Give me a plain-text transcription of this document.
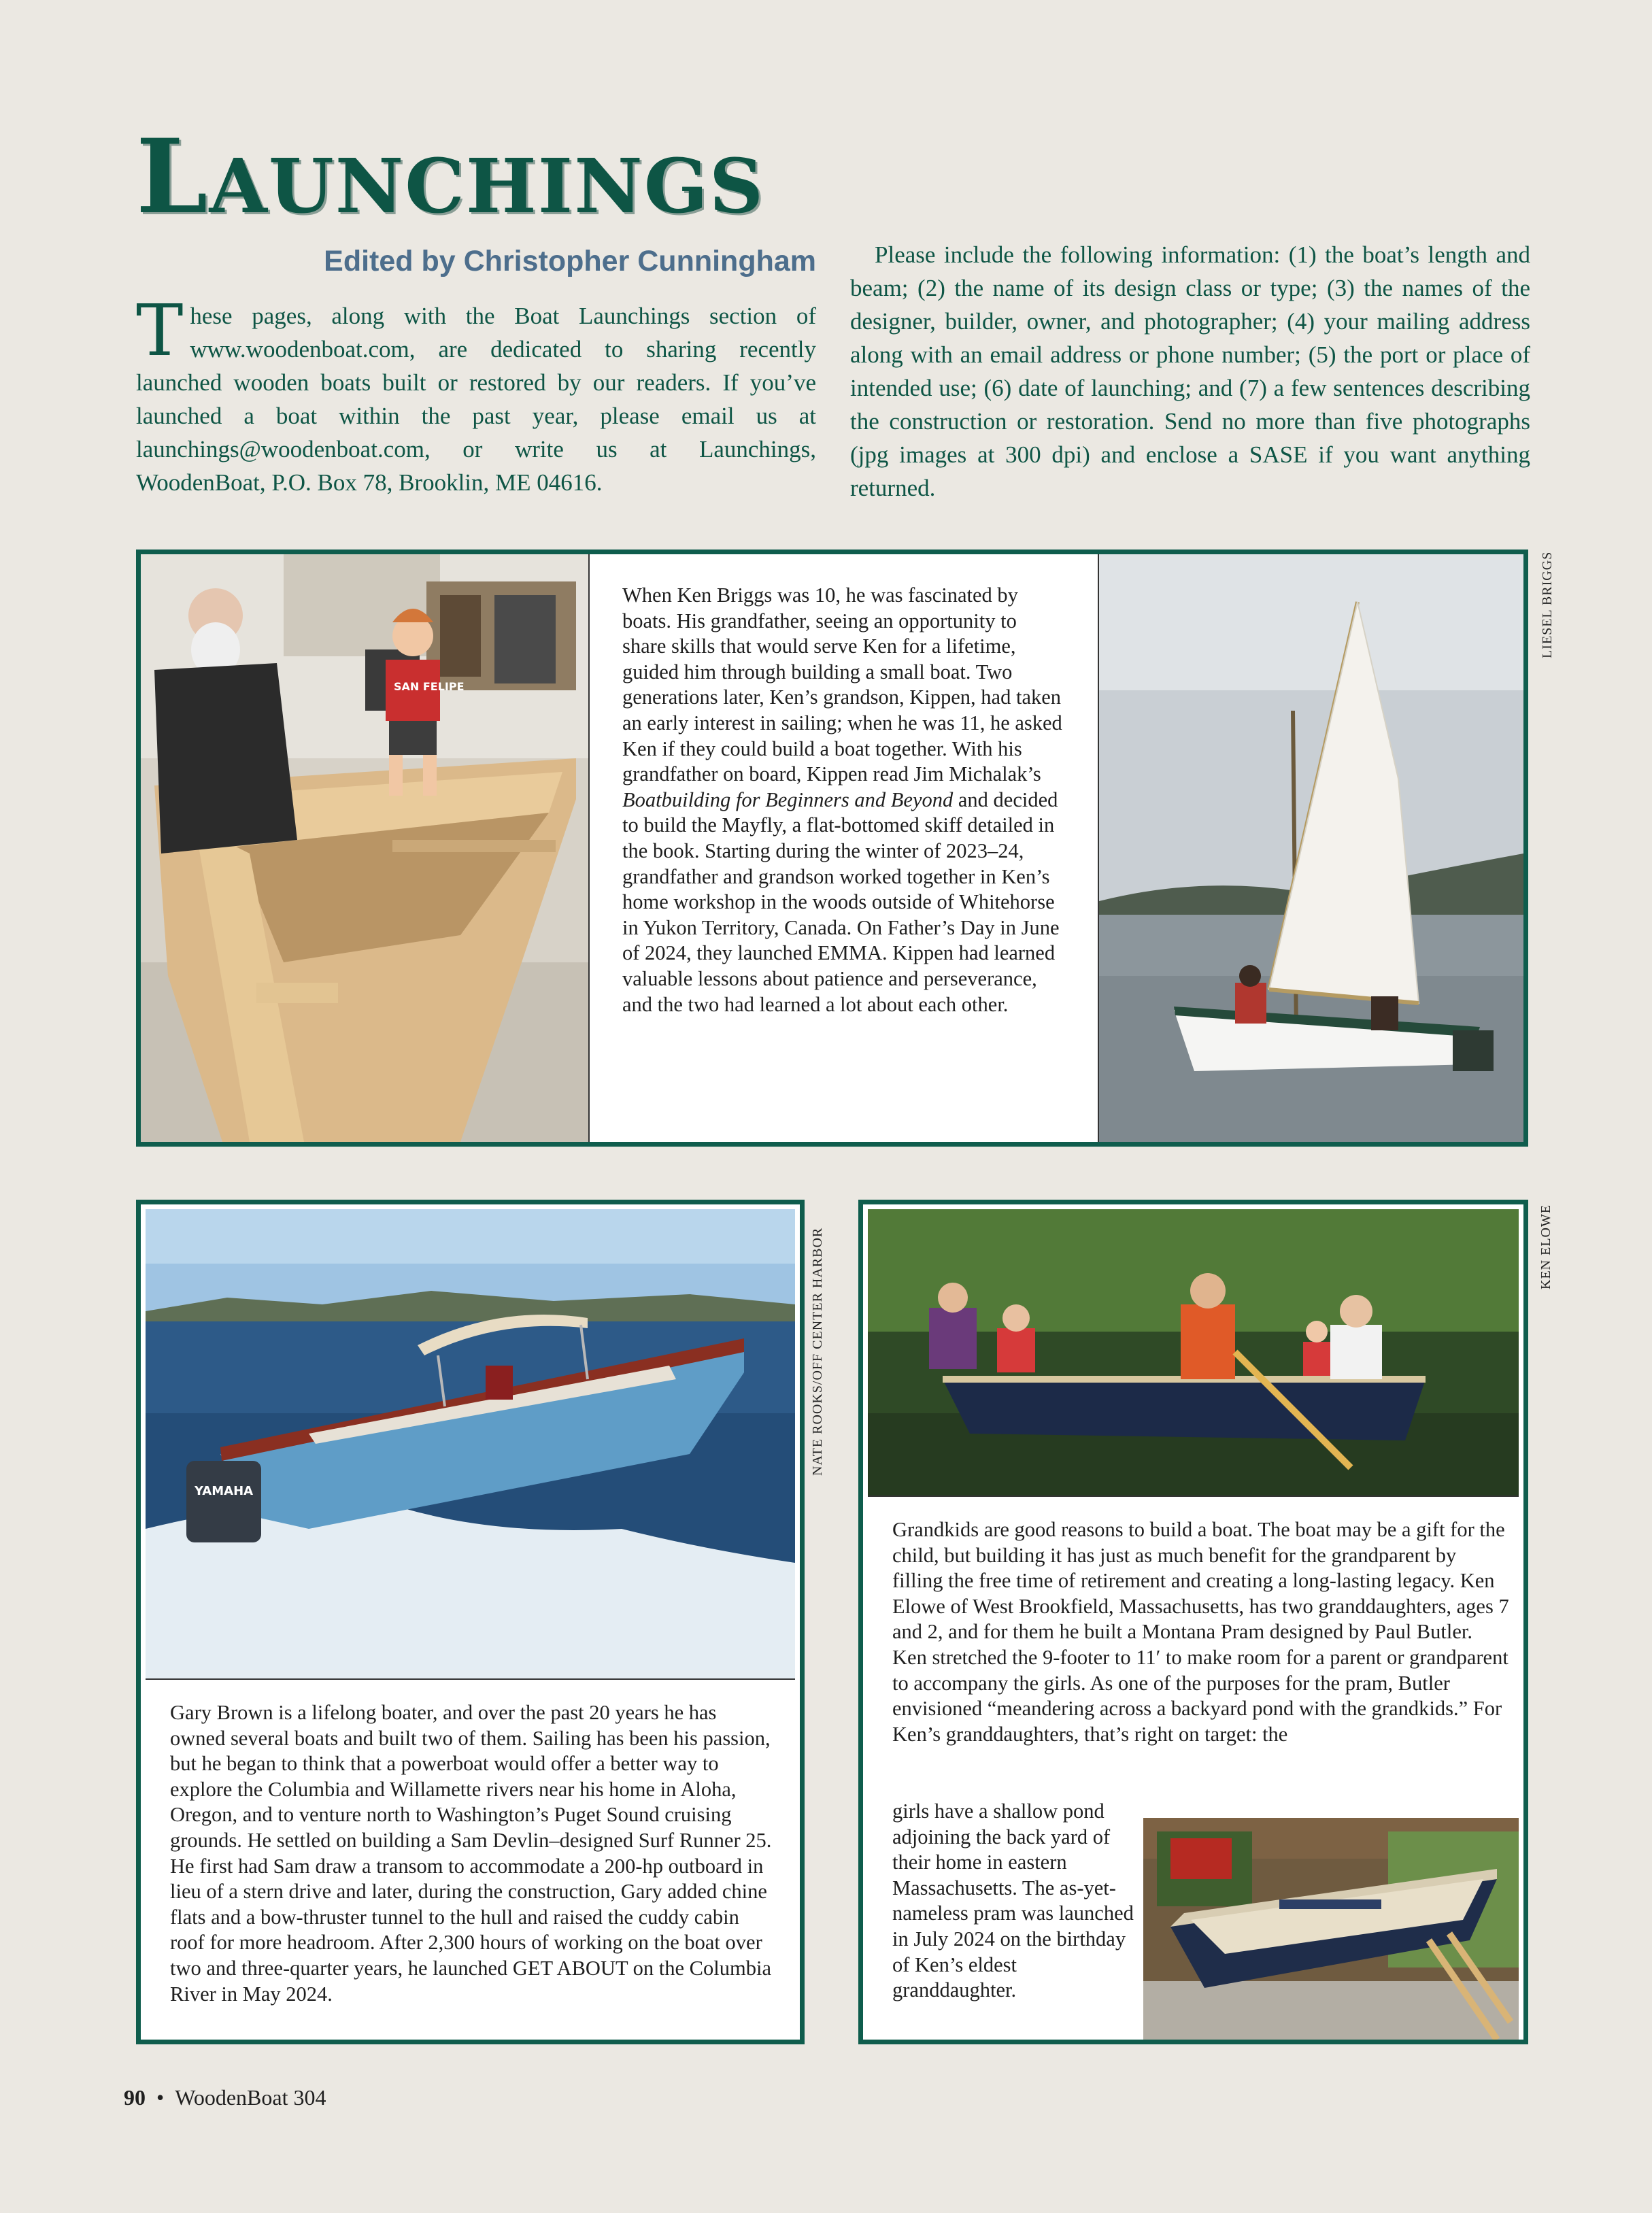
LAUNCHINGS
Edited by Christopher Cunningham
These pages, along with the Boat Launchings section of www.woodenboat.com, are dedicated to sharing recently launched wooden boats built or restored by our readers. If you’ve launched a boat within the past year, please email us at launchings@woodenboat.com, or write us at Launchings, WoodenBoat, P.O. Box 78, Brooklin, ME 04616.
Please include the following information: (1) the boat’s length and beam; (2) the name of its design class or type; (3) the names of the designer, builder, owner, and photographer; (4) your mailing address along with an email address or phone number; (5) the port or place of intended use; (6) date of launching; and (7) a few sentences describing the construction or restoration. Send no more than five photographs (jpg images at 300 dpi) and enclose a SASE if you want anything returned.
SAN FELIPE
When Ken Briggs was 10, he was fascinated by boats. His grandfather, seeing an opportunity to share skills that would serve Ken for a lifetime, guided him through building a small boat. Two generations later, Ken’s grandson, Kippen, had taken an early interest in sailing; when he was 11, he asked Ken if they could build a boat together. With his grandfather on board, Kippen read Jim Michalak’s Boatbuilding for Beginners and Beyond and decided to build the Mayfly, a flat-bottomed skiff detailed in the book. Starting during the winter of 2023–24, grandfather and grandson worked together in Ken’s home workshop in the woods outside of Whitehorse in Yukon Territory, Canada. On Father’s Day in June of 2024, they launched EMMA. Kippen had learned valuable lessons about patience and perseverance, and the two had learned a lot about each other.
LIESEL BRIGGS
YAMAHA
Gary Brown is a lifelong boater, and over the past 20 years he has owned several boats and built two of them. Sailing has been his passion, but he began to think that a powerboat would offer a better way to explore the Columbia and Willamette rivers near his home in Aloha, Oregon, and to venture north to Washington’s Puget Sound cruising grounds. He settled on building a Sam Devlin–designed Surf Runner 25. He first had Sam draw a transom to accommodate a 200-hp outboard in lieu of a stern drive and later, during the construction, Gary added chine flats and a bow-thruster tunnel to the hull and raised the cuddy cabin roof for more headroom. After 2,300 hours of working on the boat over two and three-quarter years, he launched GET ABOUT on the Columbia River in May 2024.
NATE ROOKS/OFF CENTER HARBOR
Grandkids are good reasons to build a boat. The boat may be a gift for the child, but building it has just as much benefit for the grandparent by filling the free time of retirement and creating a long-lasting legacy. Ken Elowe of West Brookfield, Massachusetts, has two granddaughters, ages 7 and 2, and for them he built a Montana Pram designed by Paul Butler. Ken stretched the 9-footer to 11′ to make room for a parent or grandparent to accompany the girls. As one of the purposes for the pram, Butler envisioned “meandering across a backyard pond with the grandkids.” For Ken’s granddaughters, that’s right on target: the
girls have a shallow pond adjoining the back yard of their home in eastern Massachusetts. The as-yet-nameless pram was launched in July 2024 on the birthday of Ken’s eldest granddaughter.
KEN ELOWE
90 • WoodenBoat 304
